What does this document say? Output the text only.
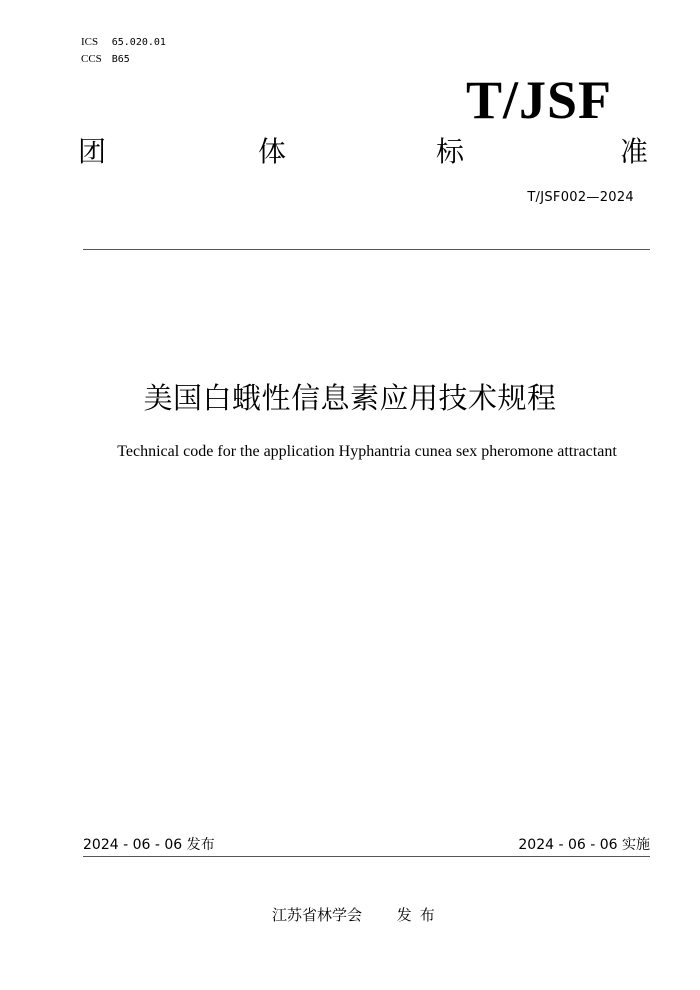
ICS 65.020.01
CCS B65
T/JSF
团	体	标	准
T/JSF002—2024
美国白蛾性信息素应用技术规程
Technical code for the application Hyphantria cunea sex pheromone attractant
2024 - 06 - 06 发布	2024 - 06 - 06 实施
江苏省林学会 发布
